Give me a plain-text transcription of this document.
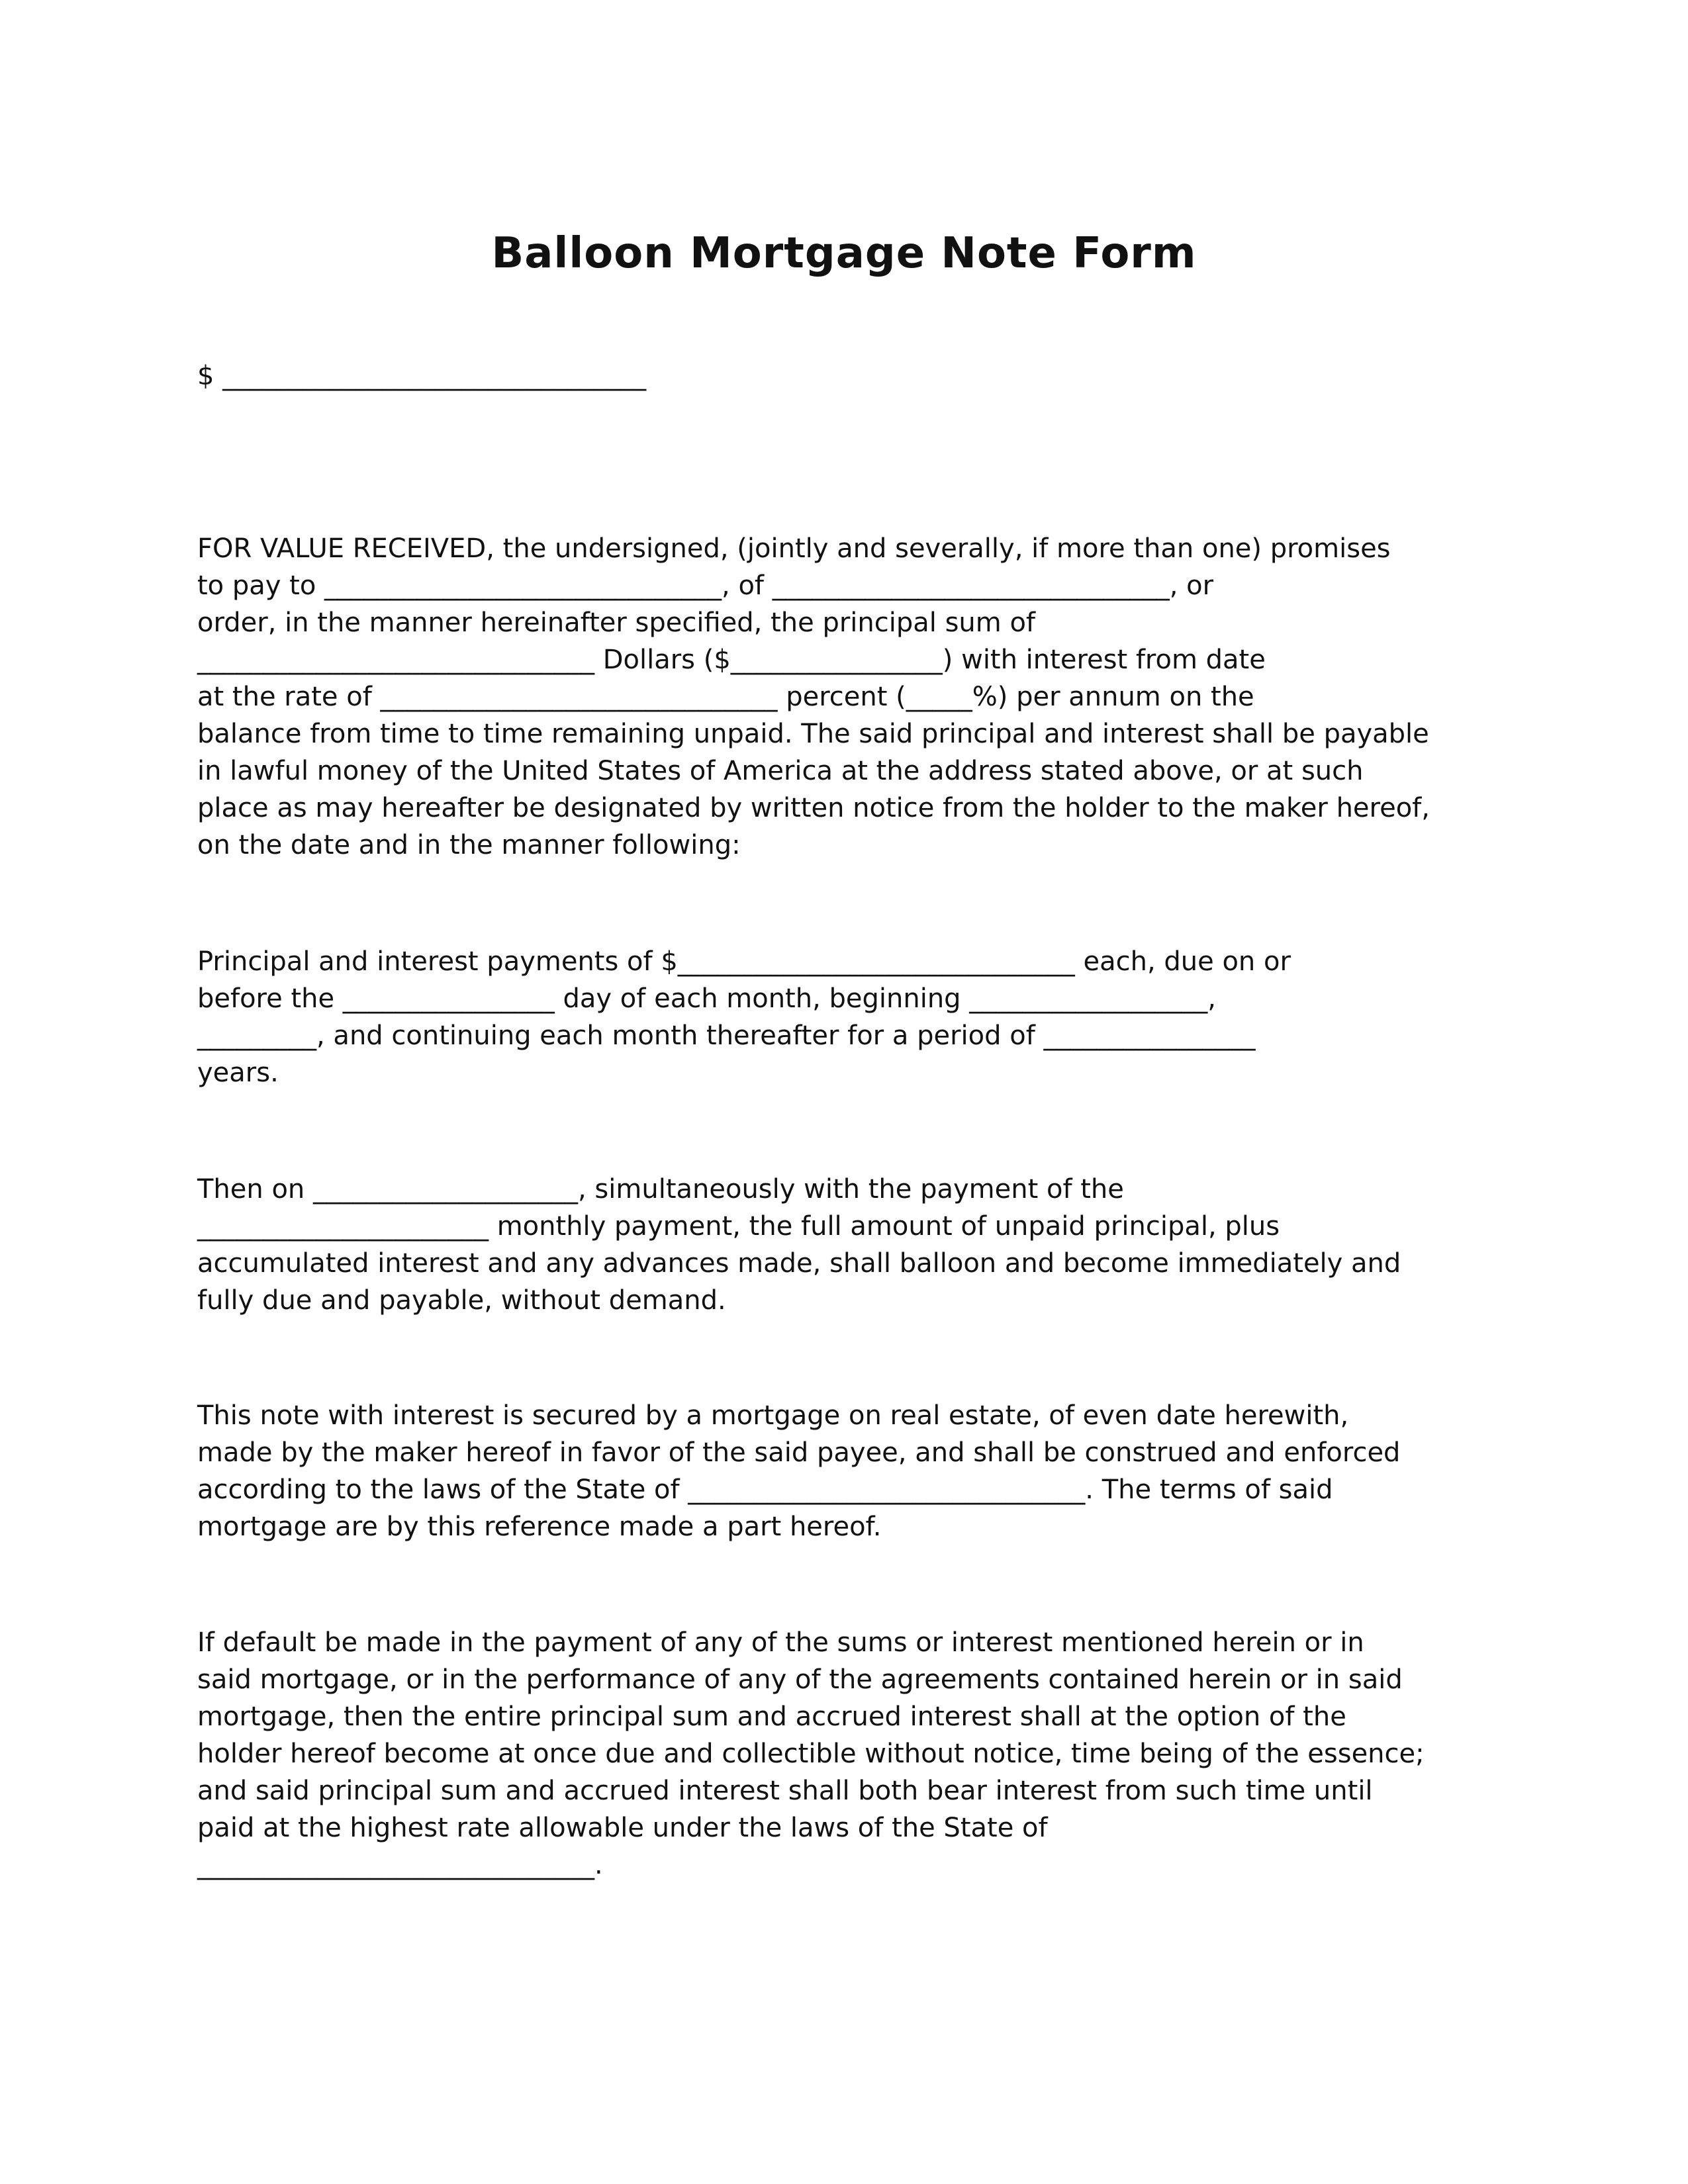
Balloon Mortgage Note Form

$ ________________________________

FOR VALUE RECEIVED, the undersigned, (jointly and severally, if more than one) promises
to pay to ______________________________, of ______________________________, or
order, in the manner hereinafter specified, the principal sum of
______________________________ Dollars ($________________) with interest from date
at the rate of ______________________________ percent (_____%) per annum on the
balance from time to time remaining unpaid. The said principal and interest shall be payable
in lawful money of the United States of America at the address stated above, or at such
place as may hereafter be designated by written notice from the holder to the maker hereof,
on the date and in the manner following:
Principal and interest payments of $______________________________ each, due on or
before the ________________ day of each month, beginning __________________,
_________, and continuing each month thereafter for a period of ________________
years.
Then on ____________________, simultaneously with the payment of the
______________________ monthly payment, the full amount of unpaid principal, plus
accumulated interest and any advances made, shall balloon and become immediately and
fully due and payable, without demand.
This note with interest is secured by a mortgage on real estate, of even date herewith,
made by the maker hereof in favor of the said payee, and shall be construed and enforced
according to the laws of the State of ______________________________. The terms of said
mortgage are by this reference made a part hereof.
If default be made in the payment of any of the sums or interest mentioned herein or in
said mortgage, or in the performance of any of the agreements contained herein or in said
mortgage, then the entire principal sum and accrued interest shall at the option of the
holder hereof become at once due and collectible without notice, time being of the essence;
and said principal sum and accrued interest shall both bear interest from such time until
paid at the highest rate allowable under the laws of the State of
______________________________.
